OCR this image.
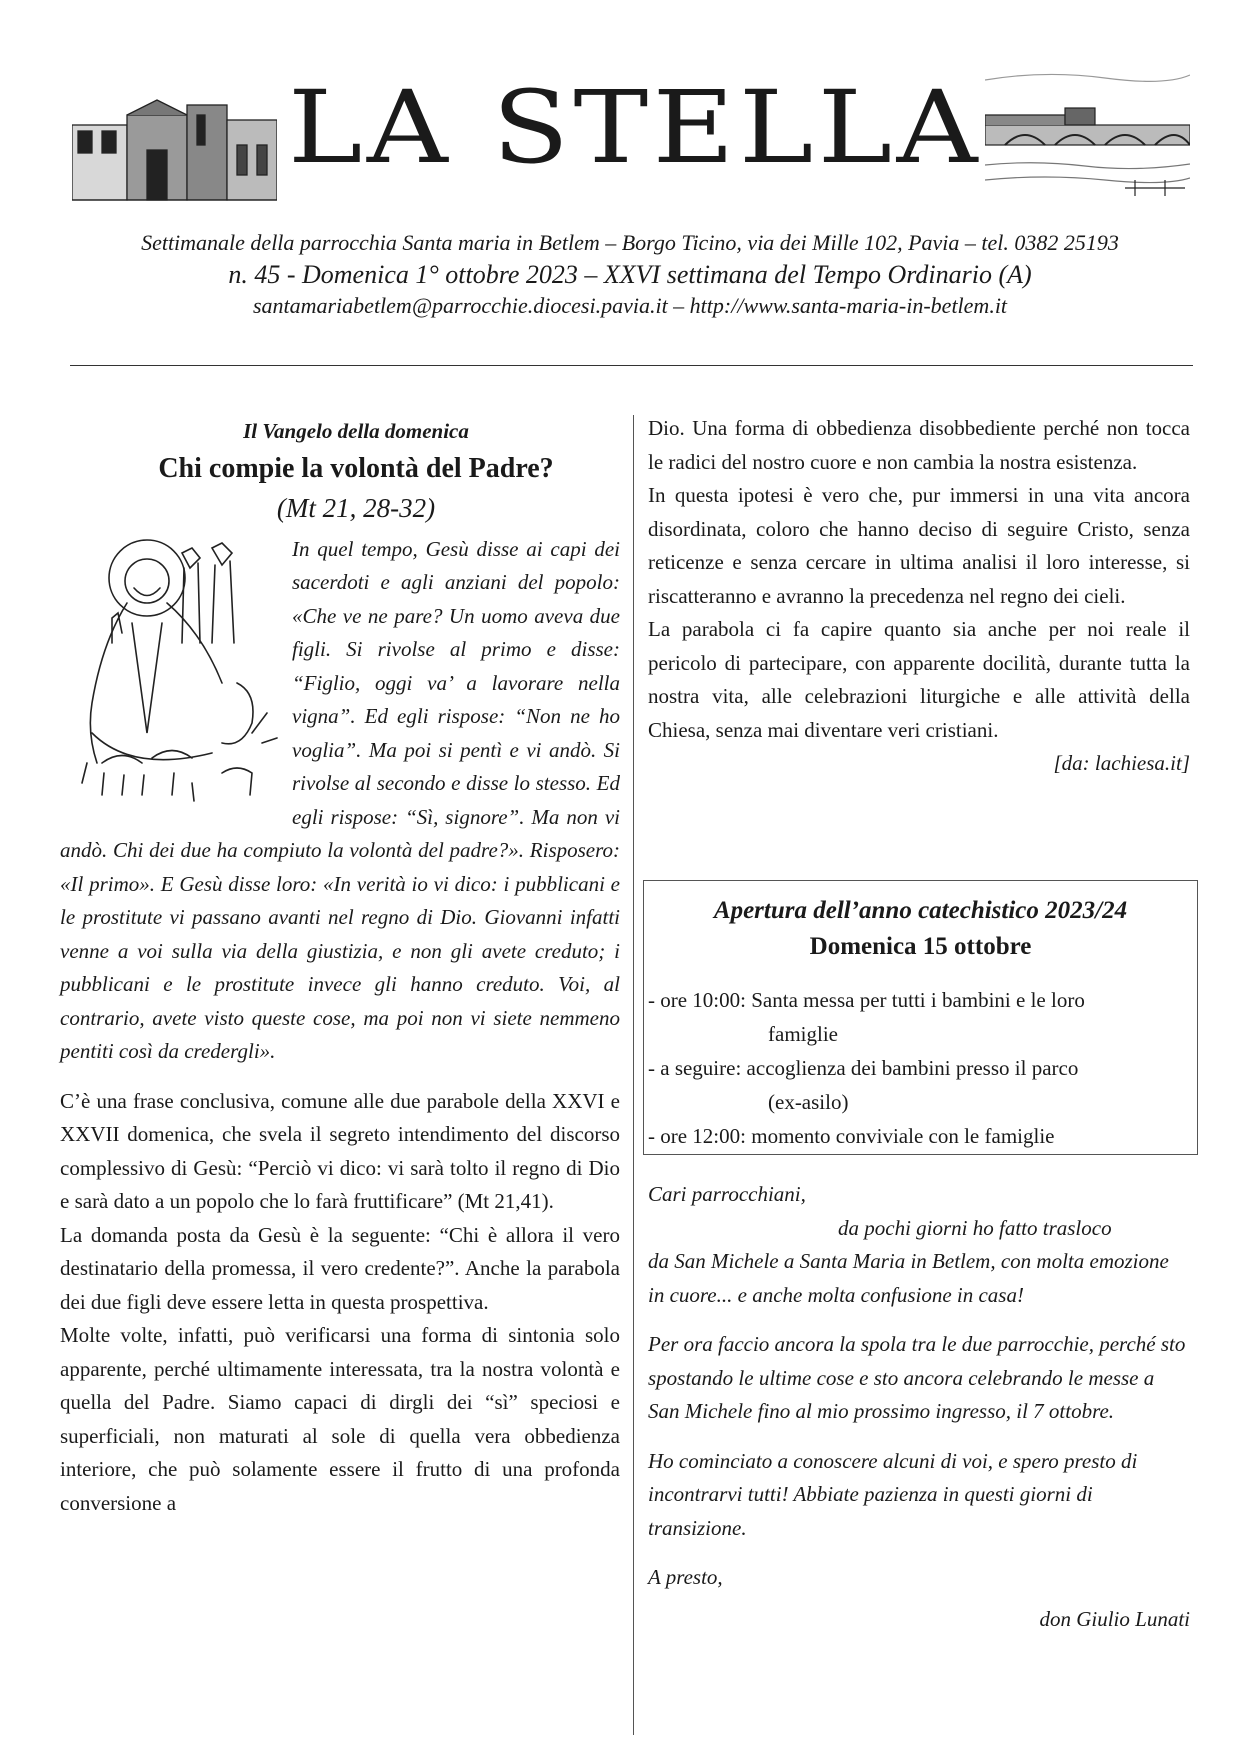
LA STELLA
Settimanale della parrocchia Santa maria in Betlem – Borgo Ticino, via dei Mille 102, Pavia – tel. 0382 25193
n. 45 - Domenica 1° ottobre 2023 – XXVI settimana del Tempo Ordinario (A)
santamariabetlem@parrocchie.diocesi.pavia.it – http://www.santa-maria-in-betlem.it
Il Vangelo della domenica
Chi compie la volontà del Padre?
(Mt 21, 28-32)
In quel tempo, Gesù disse ai capi dei sacerdoti e agli anziani del popolo: «Che ve ne pare? Un uomo aveva due figli. Si rivolse al primo e disse: “Figlio, oggi va’ a lavorare nella vigna”. Ed egli rispose: “Non ne ho voglia”. Ma poi si pentì e vi andò. Si rivolse al secondo e disse lo stesso. Ed egli rispose: “Sì, signore”. Ma non vi andò. Chi dei due ha compiuto la volontà del padre?». Risposero: «Il primo». E Gesù disse loro: «In verità io vi dico: i pubblicani e le prostitute vi passano avanti nel regno di Dio. Giovanni infatti venne a voi sulla via della giustizia, e non gli avete creduto; i pubblicani e le prostitute invece gli hanno creduto. Voi, al contrario, avete visto queste cose, ma poi non vi siete nemmeno pentiti così da credergli».

C’è una frase conclusiva, comune alle due parabole della XXVI e XXVII domenica, che svela il segreto intendimento del discorso complessivo di Gesù: “Perciò vi dico: vi sarà tolto il regno di Dio e sarà dato a un popolo che lo farà fruttificare” (Mt 21,41).

La domanda posta da Gesù è la seguente: “Chi è allora il vero destinatario della promessa, il vero credente?”. Anche la parabola dei due figli deve essere letta in questa prospettiva.

Molte volte, infatti, può verificarsi una forma di sintonia solo apparente, perché ultimamente interessata, tra la nostra volontà e quella del Padre. Siamo capaci di dirgli dei “sì” speciosi e superficiali, non maturati al sole di quella vera obbedienza interiore, che può solamente essere il frutto di una profonda conversione a

Dio. Una forma di obbedienza disobbediente perché non tocca le radici del nostro cuore e non cambia la nostra esistenza.

In questa ipotesi è vero che, pur immersi in una vita ancora disordinata, coloro che hanno deciso di seguire Cristo, senza reticenze e senza cercare in ultima analisi il loro interesse, si riscatteranno e avranno la precedenza nel regno dei cieli.

La parabola ci fa capire quanto sia anche per noi reale il pericolo di partecipare, con apparente docilità, durante tutta la nostra vita, alle celebrazioni liturgiche e alle attività della Chiesa, senza mai diventare veri cristiani.

[da: lachiesa.it]
Apertura dell’anno catechistico 2023/24
Domenica 15 ottobre
- ore 10:00: Santa messa per tutti i bambini e le loro
famiglie
- a seguire: accoglienza dei bambini presso il parco
(ex-asilo)
- ore 12:00: momento conviviale con le famiglie

Cari parrocchiani,

da pochi giorni ho fatto trasloco

da San Michele a Santa Maria in Betlem, con molta emozione in cuore... e anche molta confusione in casa!

Per ora faccio ancora la spola tra le due parrocchie, perché sto spostando le ultime cose e sto ancora celebrando le messe a San Michele fino al mio prossimo ingresso, il 7 ottobre.

Ho cominciato a conoscere alcuni di voi, e spero presto di incontrarvi tutti! Abbiate pazienza in questi giorni di transizione.

A presto,

don Giulio Lunati
